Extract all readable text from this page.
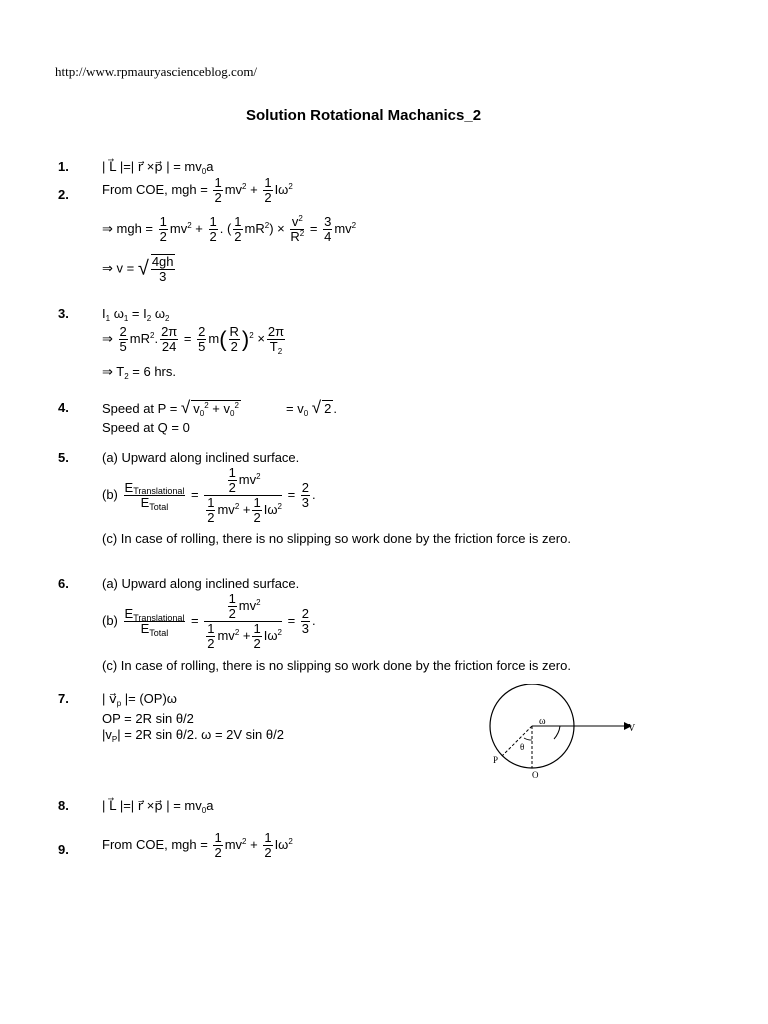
http://www.rpmauryascienceblog.com/
Solution Rotational Machanics_2
1.	| L⃗ |=| r⃗ ×p⃗ | = $mv_0a$
2.	From COE, mgh = $\frac{1}{2} mv^2 + \frac{1}{2} I\omega^2$
⇒ mgh = $\frac{1}{2} mv^2 + \frac{1}{2}$ . ( $\frac{1}{2} mR^2) \times \frac{v^2}{R^2} = \frac{3}{4} mv^2$
⇒ v = √ $\frac{4gh}{3}$
3.	$I_1$ $\omega_1 = I_2$ $\omega_2$
⇒ $\frac{2}{5} mR^2$. $\frac{2\pi}{24} = \frac{2}{5} m( \frac{R}{2} )^2 \times \frac{2\pi}{T_2}$
⇒ $T_2 = 6$ hrs.
4.	Speed at P = √ $v_0^2 + v_0^2$	= $v_0$ √ 2 .
Speed at Q = 0
5.	(a) Upward along inclined surface.
$(b) \frac{E_{Translational}}{E_{Total}} = \frac{\frac{1}{2} mv^2}{\frac{1}{2} mv^2 + \frac{1}{2} I\omega^2} = \frac{2}{3}$ .
(c) In case of rolling, there is no slipping so work done by the friction force is zero.
6.	(a) Upward along inclined surface.
$(b) \frac{E_{Translational}}{E_{Total}} = \frac{\frac{1}{2} mv^2}{\frac{1}{2} mv^2 + \frac{1}{2} I\omega^2} = \frac{2}{3}$ .
(c) In case of rolling, there is no slipping so work done by the friction force is zero.
7.	| $v⃗_p$ |= (OP)ω
OP = 2R sin θ/2
$|v_P| = 2R$ sin θ/2. ω = 2V sin θ/2
ω
θ
V
P
O
8.	| L⃗ |=| r⃗ ×p⃗ | = $mv_0a$
9.	From COE, mgh = $\frac{1}{2} mv^2 + \frac{1}{2} I\omega^2$
